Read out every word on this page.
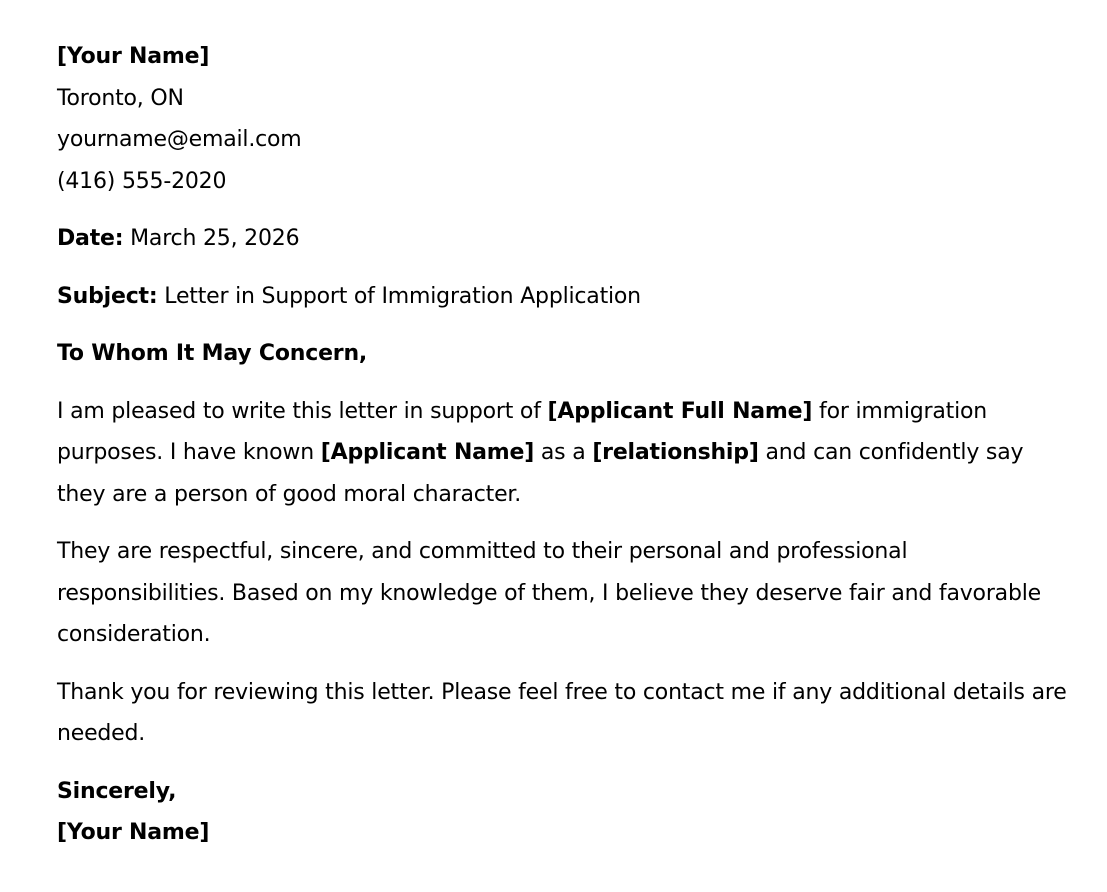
[Your Name]
Toronto, ON
yourname@email.com
(416) 555-2020
Date: March 25, 2026
Subject: Letter in Support of Immigration Application
To Whom It May Concern,

I am pleased to write this letter in support of [Applicant Full Name] for immigration purposes. I have known [Applicant Name] as a [relationship] and can confidently say they are a person of good moral character.

They are respectful, sincere, and committed to their personal and professional responsibilities. Based on my knowledge of them, I believe they deserve fair and favorable consideration.

Thank you for reviewing this letter. Please feel free to contact me if any additional details are needed.

Sincerely,
[Your Name]
